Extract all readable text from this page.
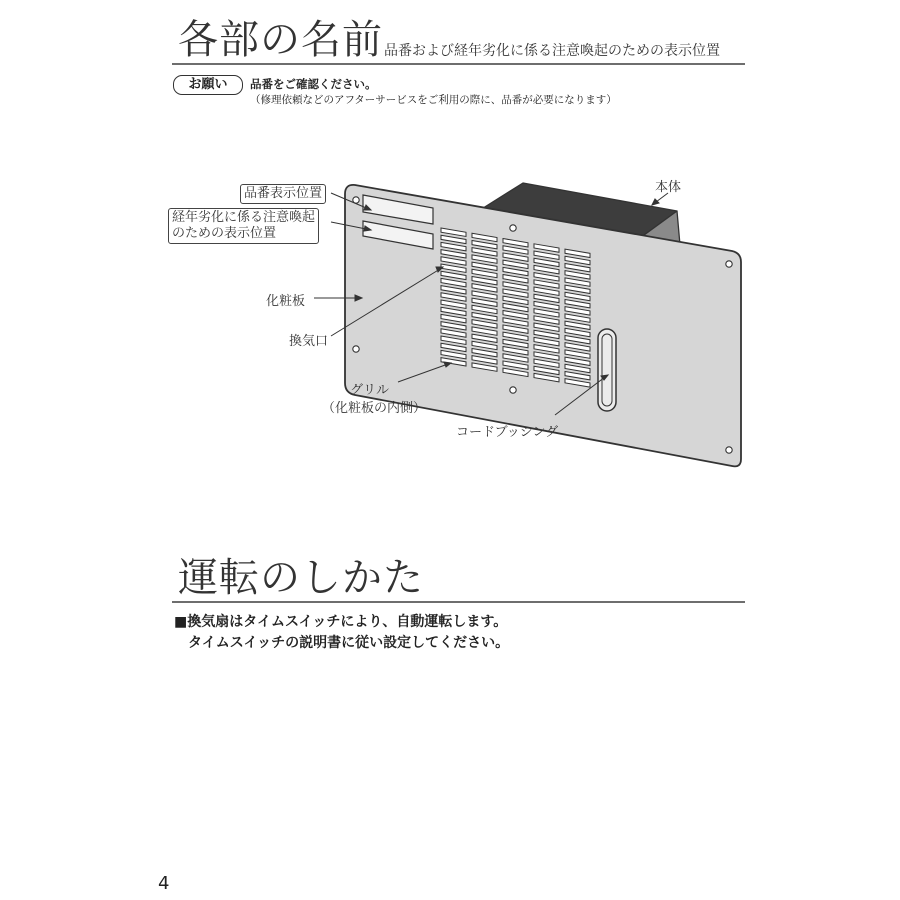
各部の名前 品番および経年劣化に係る注意喚起のための表示位置
お願い	品番をご確認ください。
（修理依頼などのアフターサービスをご利用の際に、品番が必要になります）
本体
品番表示位置
経年劣化に係る注意喚起
のための表示位置
化粧板
換気口
グリル
（化粧板の内側）
コードブッシング
運転のしかた
■換気扇はタイムスイッチにより、自動運転します。
タイムスイッチの説明書に従い設定してください。
4
